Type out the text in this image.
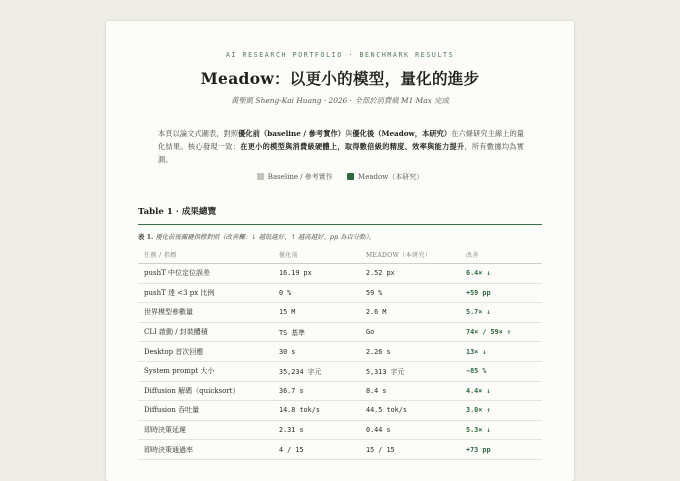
AI RESEARCH PORTFOLIO · BENCHMARK RESULTS
Meadow：以更小的模型，量化的進步
黃聖凱 Sheng-Kai Huang · 2026 · 全部於消費級 M1 Max 完成
本頁以論文式圖表，對照優化前（baseline / 參考實作）與優化後（Meadow，本研究）在六條研究主線上的量化結果。核心發現一致：在更小的模型與消費級硬體上，取得數倍級的精度、效率與能力提升，所有數據均為實測。
Baseline / 參考實作	Meadow（本研究）
Table 1 · 成果總覽
表 1. 優化前後關鍵指標對照（改善欄：↓ 越低越好、↑ 越高越好、pp 為百分點）。
任務 / 指標	優化前	MEADOW（本研究）	改善
pushT 中位定位誤差	16.19 px	2.52 px	6.4× ↓
pushT 達 <3 px 比例	0 %	59 %	+59 pp
世界模型參數量	15 M	2.6 M	5.7× ↓
CLI 啟動 / 封裝體積	TS 基準	Go	74× / 59× ↑
Desktop 首次回應	30 s	2.26 s	13× ↓
System prompt 大小	35,234 字元	5,313 字元	−85 %
Diffusion 解碼（quicksort）	36.7 s	8.4 s	4.4× ↓
Diffusion 吞吐量	14.8 tok/s	44.5 tok/s	3.0× ↑
即時決策延遲	2.31 s	0.44 s	5.3× ↓
即時決策通過率	4 / 15	15 / 15	+73 pp
